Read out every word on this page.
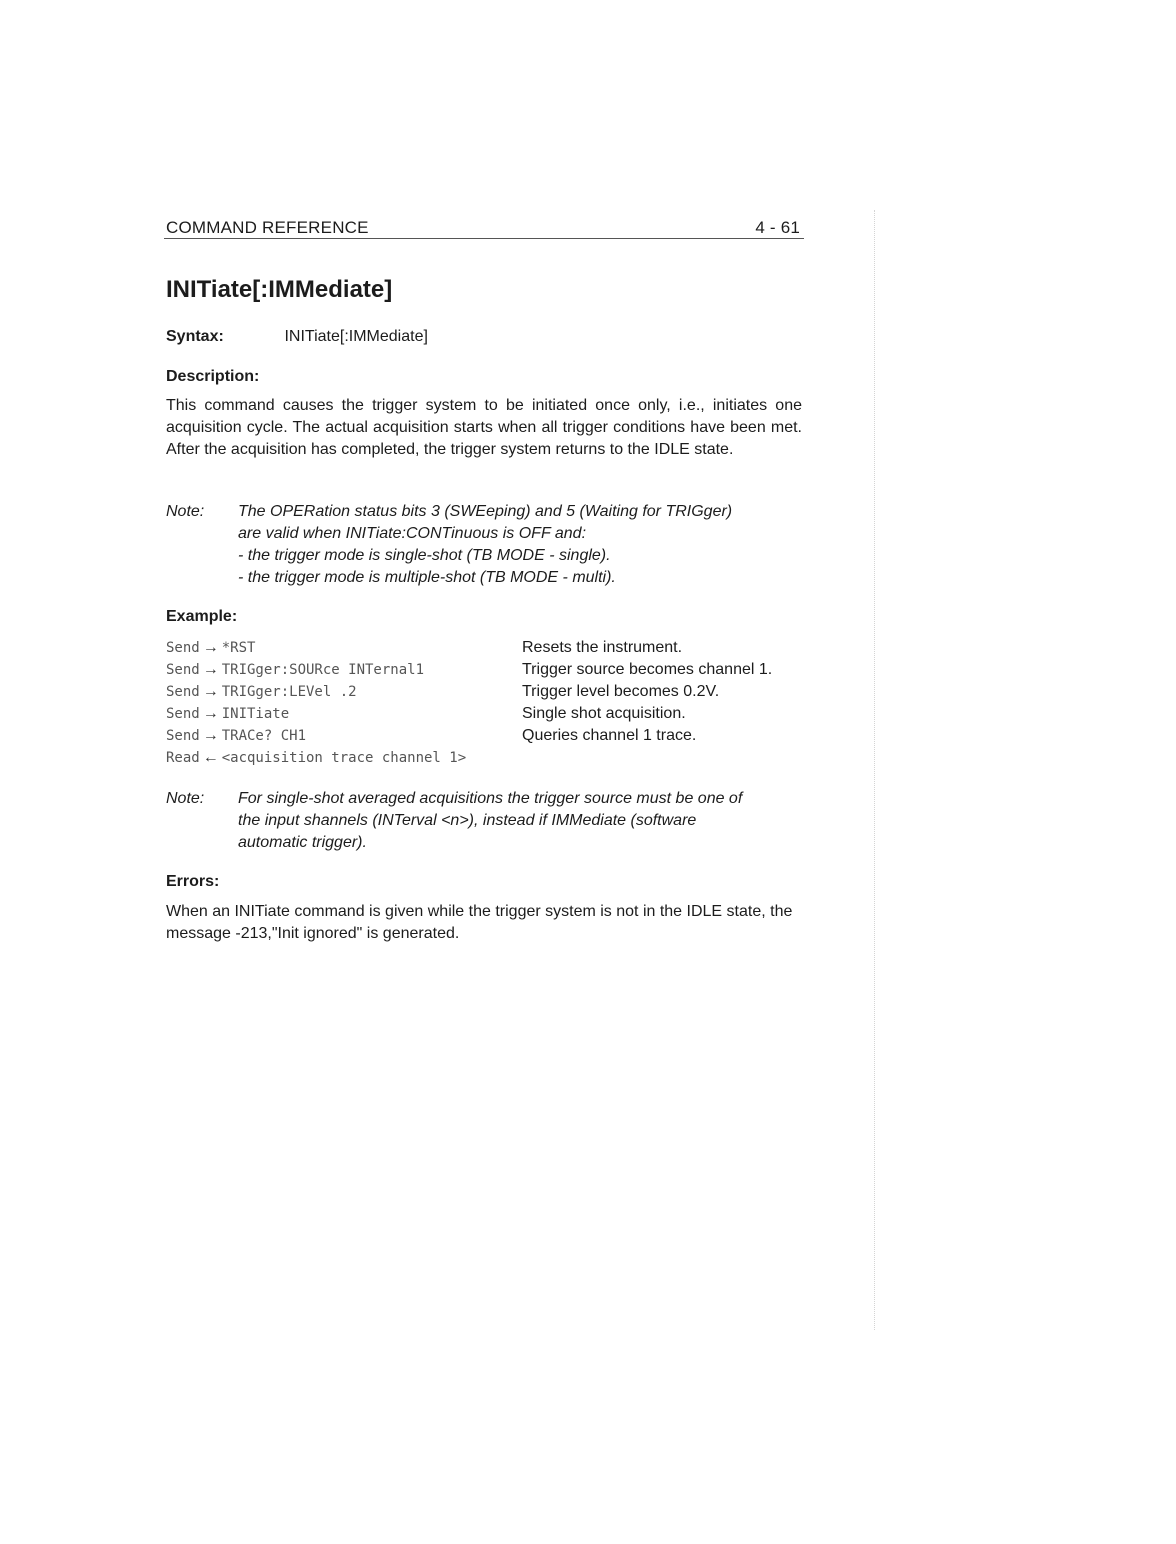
COMMAND REFERENCE	4 - 61
INITiate[:IMMediate]
Syntax:	INITiate[:IMMediate]
Description:

This command causes the trigger system to be initiated once only, i.e., initiates one acquisition cycle. The actual acquisition starts when all trigger conditions have been met. After the acquisition has completed, the trigger system returns to the IDLE state.

Note: The OPERation status bits 3 (SWEeping) and 5 (Waiting for TRIGger)
are valid when INITiate:CONTinuous is OFF and:
- the trigger mode is single-shot (TB MODE - single).
- the trigger mode is multiple-shot (TB MODE - multi).
Example:
Send → *RST	Resets the instrument.
Send → TRIGger:SOURce INTernal1	Trigger source becomes channel 1.
Send → TRIGger:LEVel .2	Trigger level becomes 0.2V.
Send → INITiate	Single shot acquisition.
Send → TRACe? CH1	Queries channel 1 trace.
Read ← <acquisition trace channel 1>
Note: For single-shot averaged acquisitions the trigger source must be one of
the input shannels (INTerval <n>), instead if IMMediate (software
automatic trigger).
Errors:

When an INITiate command is given while the trigger system is not in the IDLE state, the message -213,"Init ignored" is generated.
